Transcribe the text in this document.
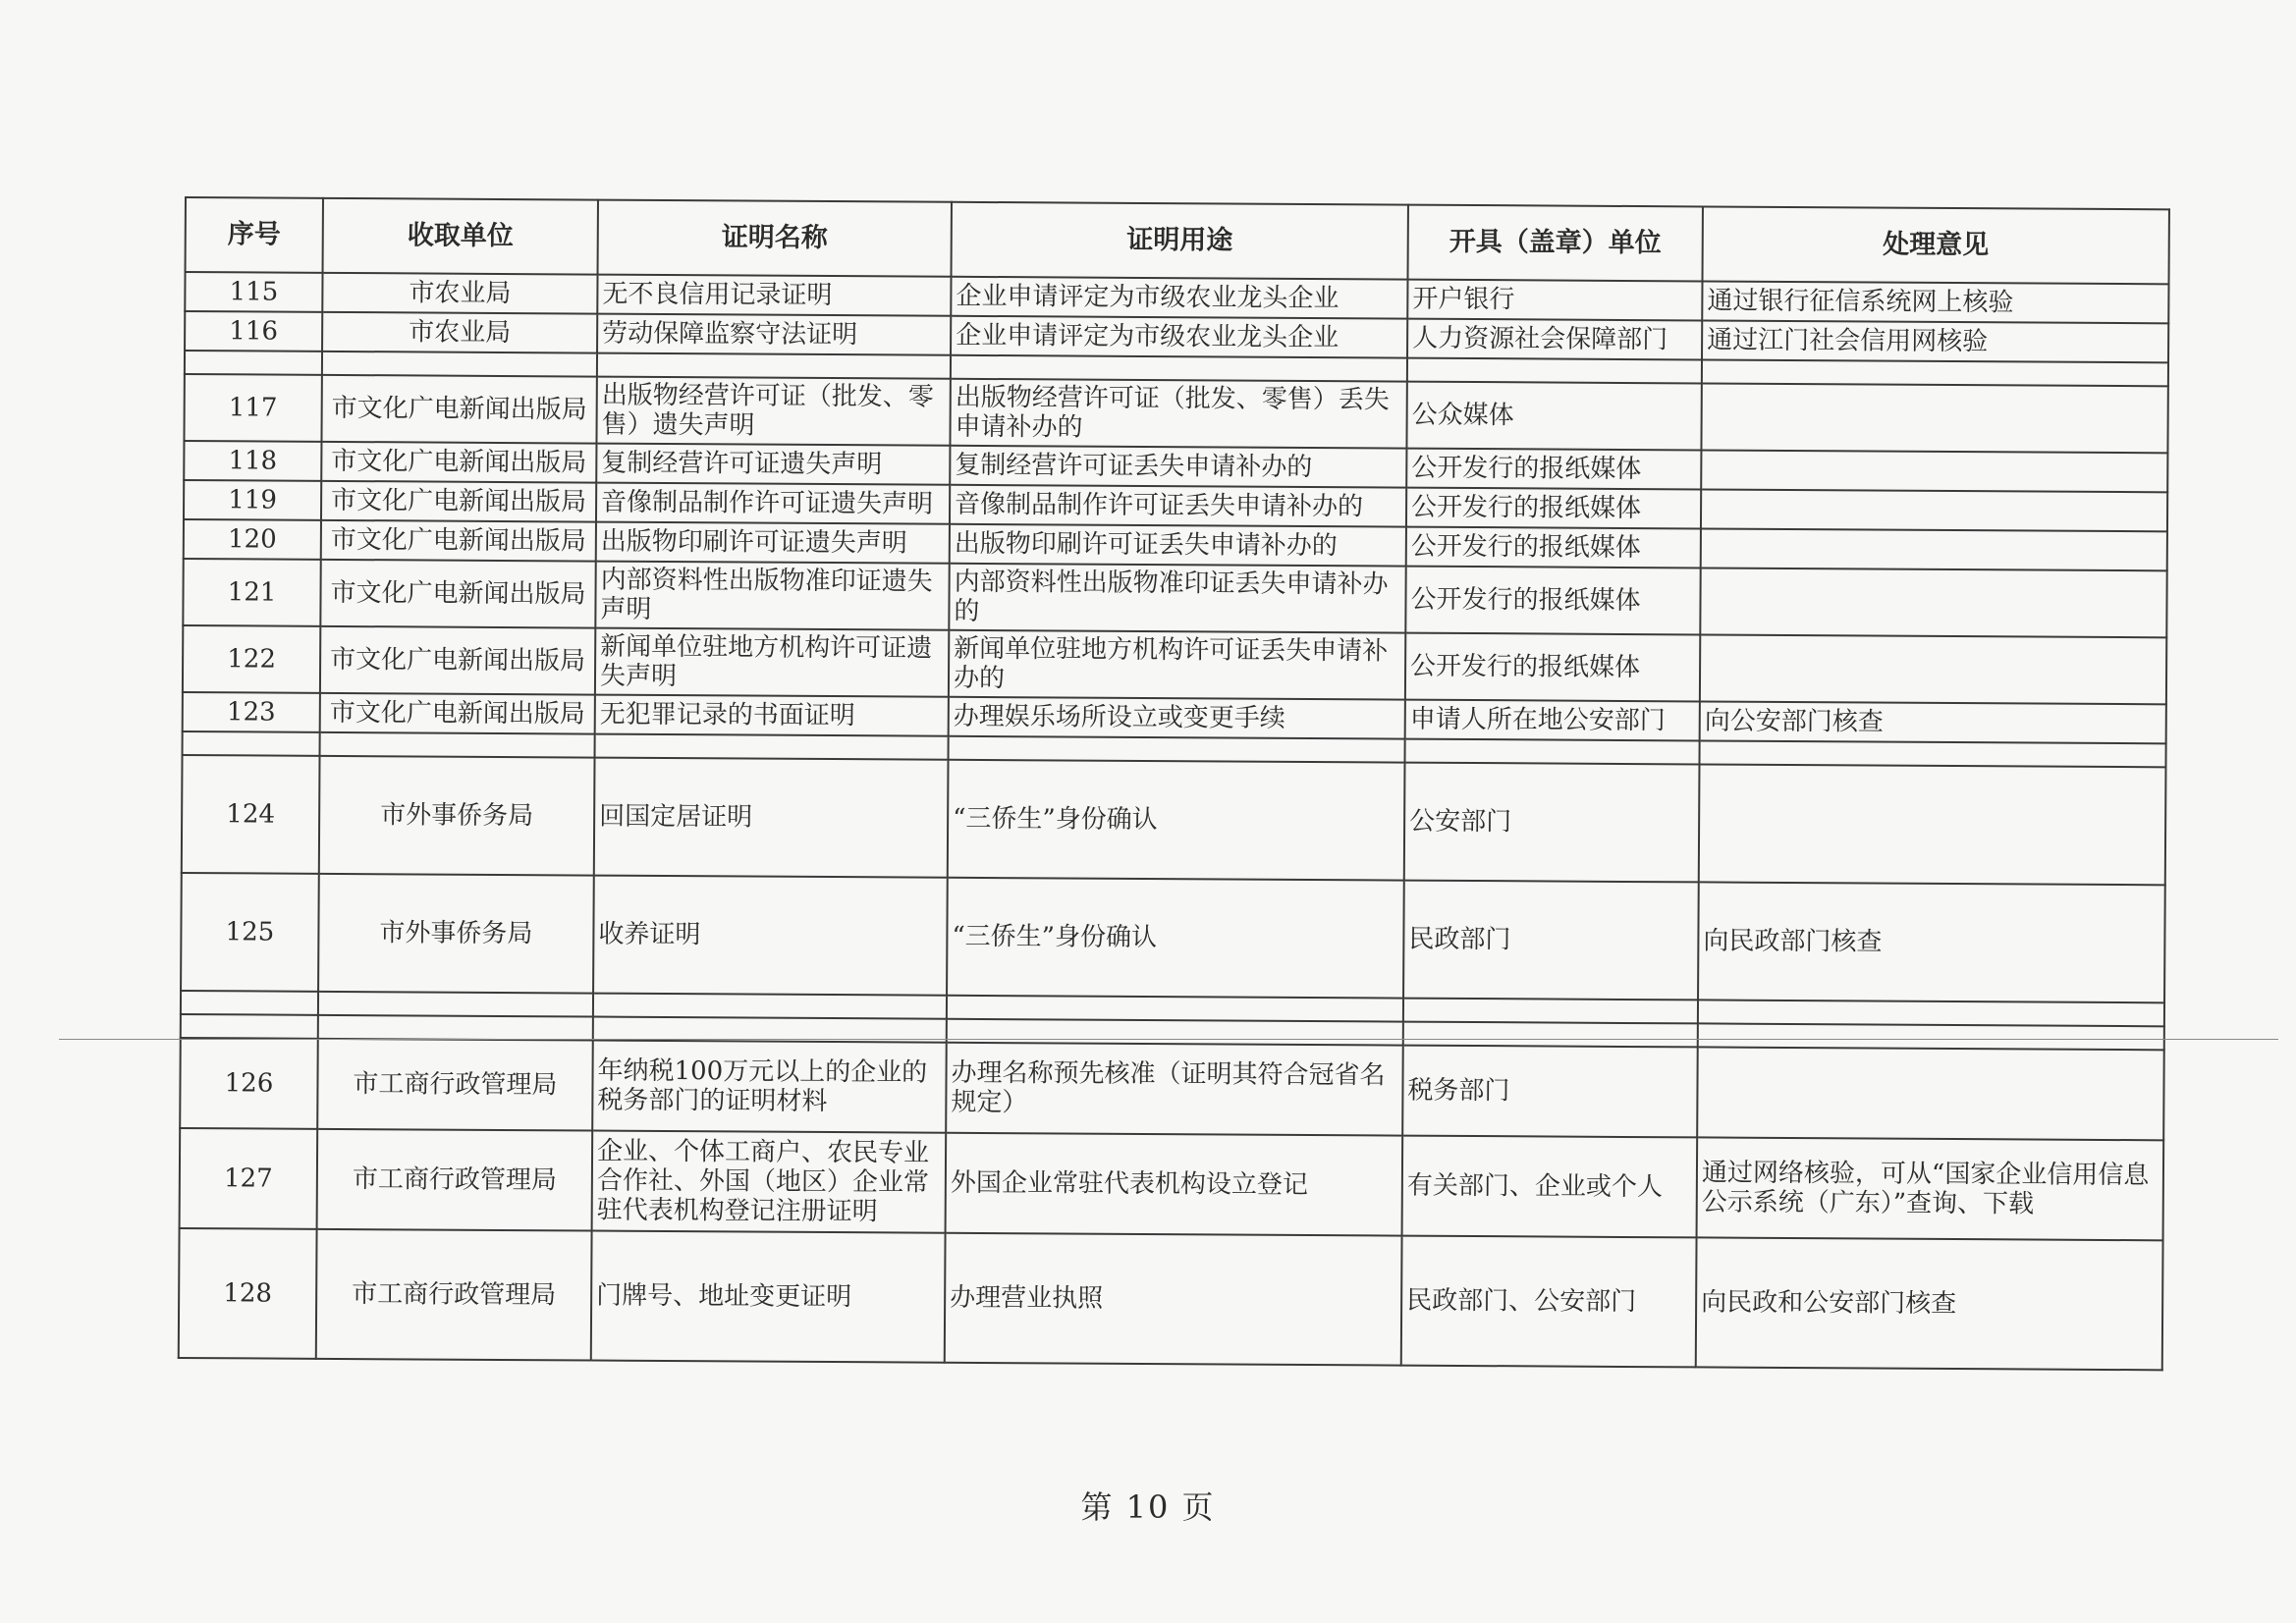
序号	收取单位	证明名称	证明用途	开具（盖章）单位	处理意见
115	市农业局	无不良信用记录证明	企业申请评定为市级农业龙头企业	开户银行	通过银行征信系统网上核验
116	市农业局	劳动保障监察守法证明	企业申请评定为市级农业龙头企业	人力资源社会保障部门	通过江门社会信用网核验

117	市文化广电新闻出版局	出版物经营许可证（批发、零售）遗失声明	出版物经营许可证（批发、零售）丢失申请补办的	公众媒体	
118	市文化广电新闻出版局	复制经营许可证遗失声明	复制经营许可证丢失申请补办的	公开发行的报纸媒体	
119	市文化广电新闻出版局	音像制品制作许可证遗失声明	音像制品制作许可证丢失申请补办的	公开发行的报纸媒体	
120	市文化广电新闻出版局	出版物印刷许可证遗失声明	出版物印刷许可证丢失申请补办的	公开发行的报纸媒体	
121	市文化广电新闻出版局	内部资料性出版物准印证遗失声明	内部资料性出版物准印证丢失申请补办的	公开发行的报纸媒体	
122	市文化广电新闻出版局	新闻单位驻地方机构许可证遗失声明	新闻单位驻地方机构许可证丢失申请补办的	公开发行的报纸媒体	
123	市文化广电新闻出版局	无犯罪记录的书面证明	办理娱乐场所设立或变更手续	申请人所在地公安部门	向公安部门核查

124	市外事侨务局	回国定居证明	“三侨生”身份确认	公安部门	
125	市外事侨务局	收养证明	“三侨生”身份确认	民政部门	向民政部门核查

126	市工商行政管理局	年纳税100万元以上的企业的税务部门的证明材料	办理名称预先核准（证明其符合冠省名规定）	税务部门	
127	市工商行政管理局	企业、个体工商户、农民专业合作社、外国（地区）企业常驻代表机构登记注册证明	外国企业常驻代表机构设立登记	有关部门、企业或个人	通过网络核验，可从“国家企业信用信息公示系统（广东）”查询、下载
128	市工商行政管理局	门牌号、地址变更证明	办理营业执照	民政部门、公安部门	向民政和公安部门核查
第 10 页
